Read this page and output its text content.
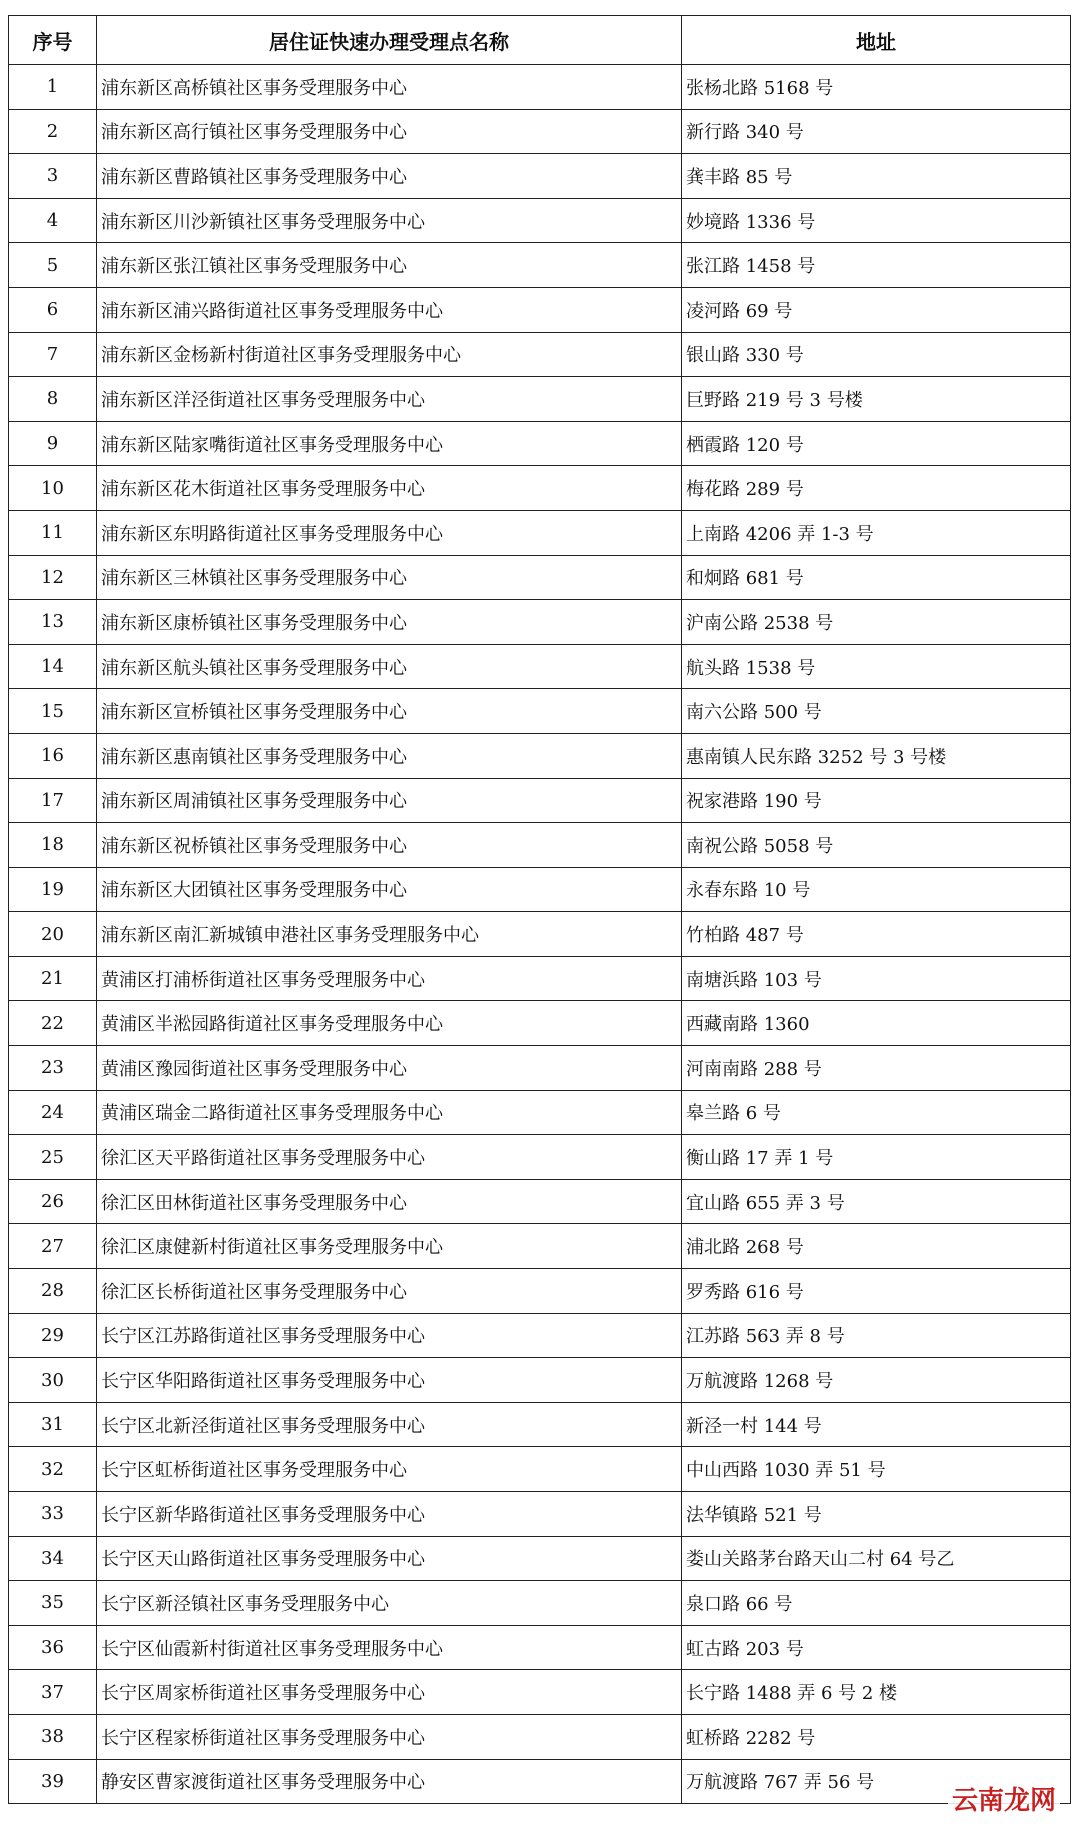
序号	居住证快速办理受理点名称	地址
1	浦东新区高桥镇社区事务受理服务中心	张杨北路 5168 号
2	浦东新区高行镇社区事务受理服务中心	新行路 340 号
3	浦东新区曹路镇社区事务受理服务中心	龚丰路 85 号
4	浦东新区川沙新镇社区事务受理服务中心	妙境路 1336 号
5	浦东新区张江镇社区事务受理服务中心	张江路 1458 号
6	浦东新区浦兴路街道社区事务受理服务中心	凌河路 69 号
7	浦东新区金杨新村街道社区事务受理服务中心	银山路 330 号
8	浦东新区洋泾街道社区事务受理服务中心	巨野路 219 号 3 号楼
9	浦东新区陆家嘴街道社区事务受理服务中心	栖霞路 120 号
10	浦东新区花木街道社区事务受理服务中心	梅花路 289 号
11	浦东新区东明路街道社区事务受理服务中心	上南路 4206 弄 1-3 号
12	浦东新区三林镇社区事务受理服务中心	和炯路 681 号
13	浦东新区康桥镇社区事务受理服务中心	沪南公路 2538 号
14	浦东新区航头镇社区事务受理服务中心	航头路 1538 号
15	浦东新区宣桥镇社区事务受理服务中心	南六公路 500 号
16	浦东新区惠南镇社区事务受理服务中心	惠南镇人民东路 3252 号 3 号楼
17	浦东新区周浦镇社区事务受理服务中心	祝家港路 190 号
18	浦东新区祝桥镇社区事务受理服务中心	南祝公路 5058 号
19	浦东新区大团镇社区事务受理服务中心	永春东路 10 号
20	浦东新区南汇新城镇申港社区事务受理服务中心	竹柏路 487 号
21	黄浦区打浦桥街道社区事务受理服务中心	南塘浜路 103 号
22	黄浦区半淞园路街道社区事务受理服务中心	西藏南路 1360
23	黄浦区豫园街道社区事务受理服务中心	河南南路 288 号
24	黄浦区瑞金二路街道社区事务受理服务中心	皋兰路 6 号
25	徐汇区天平路街道社区事务受理服务中心	衡山路 17 弄 1 号
26	徐汇区田林街道社区事务受理服务中心	宜山路 655 弄 3 号
27	徐汇区康健新村街道社区事务受理服务中心	浦北路 268 号
28	徐汇区长桥街道社区事务受理服务中心	罗秀路 616 号
29	长宁区江苏路街道社区事务受理服务中心	江苏路 563 弄 8 号
30	长宁区华阳路街道社区事务受理服务中心	万航渡路 1268 号
31	长宁区北新泾街道社区事务受理服务中心	新泾一村 144 号
32	长宁区虹桥街道社区事务受理服务中心	中山西路 1030 弄 51 号
33	长宁区新华路街道社区事务受理服务中心	法华镇路 521 号
34	长宁区天山路街道社区事务受理服务中心	娄山关路茅台路天山二村 64 号乙
35	长宁区新泾镇社区事务受理服务中心	泉口路 66 号
36	长宁区仙霞新村街道社区事务受理服务中心	虹古路 203 号
37	长宁区周家桥街道社区事务受理服务中心	长宁路 1488 弄 6 号 2 楼
38	长宁区程家桥街道社区事务受理服务中心	虹桥路 2282 号
39	静安区曹家渡街道社区事务受理服务中心	万航渡路 767 弄 56 号
云南龙网
